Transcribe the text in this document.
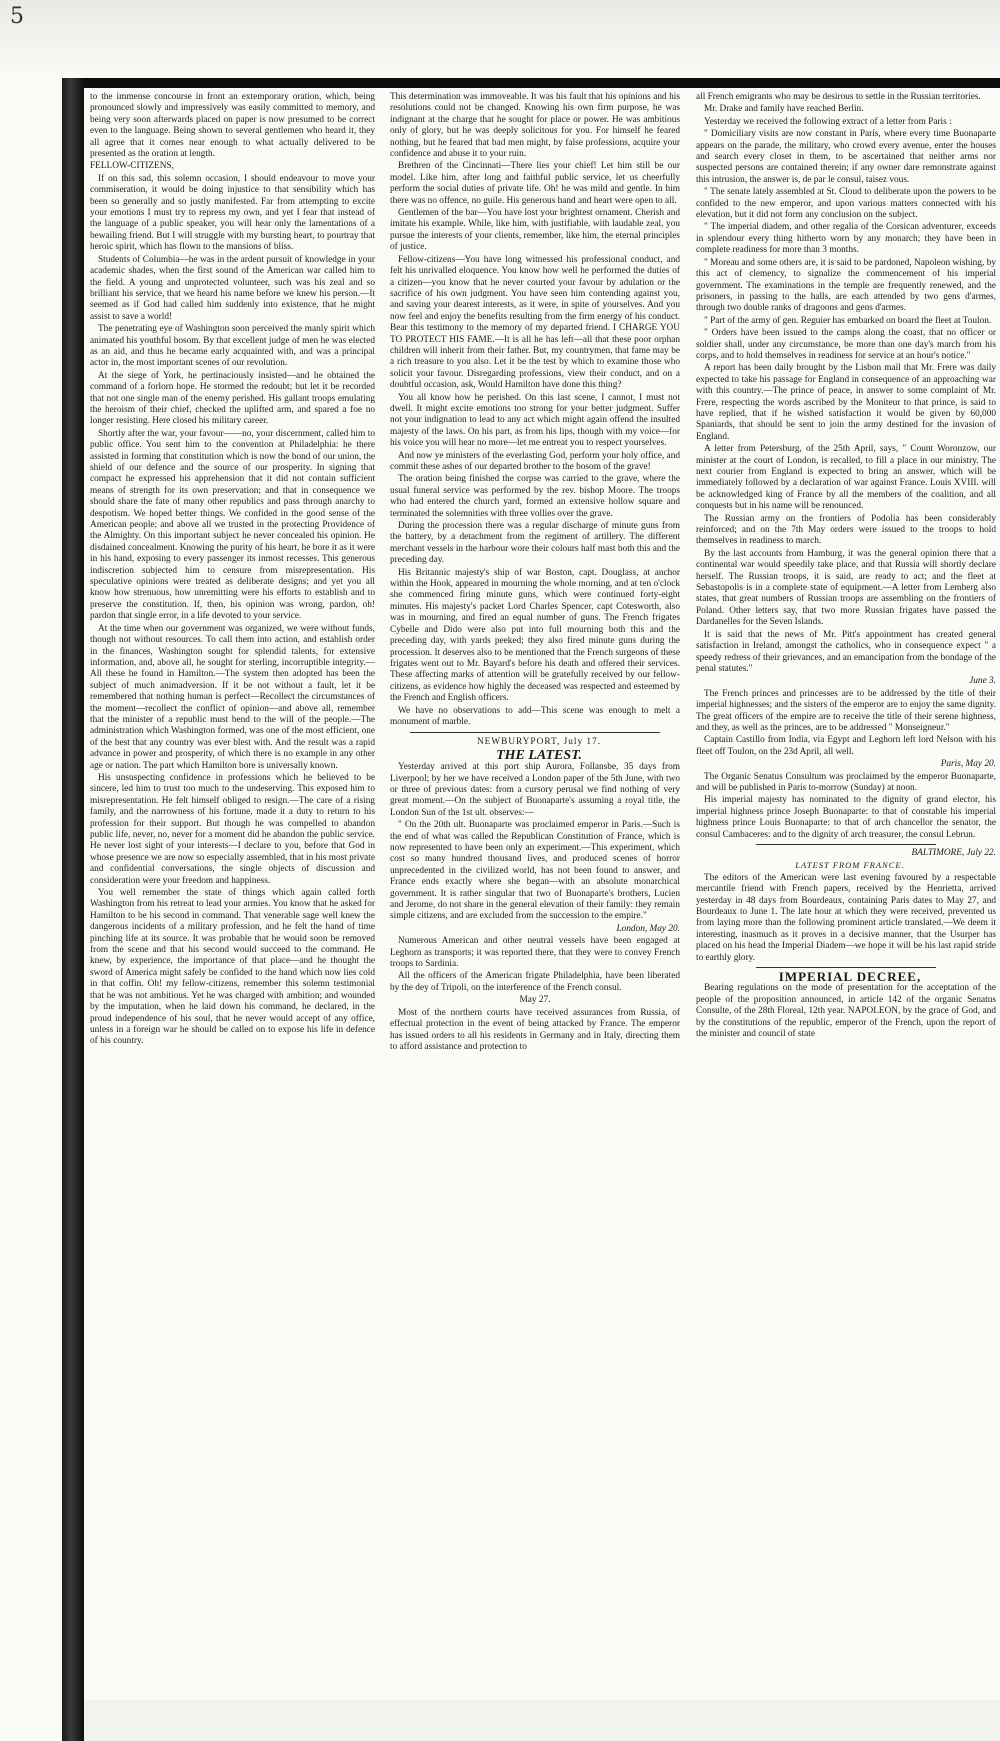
5

to the immense concourse in front an extemporary oration, which, being pronounced slowly and impressively was easily committed to memory, and being very soon afterwards placed on paper is now presumed to be correct even to the language. Being shown to several gentlemen who heard it, they all agree that it comes near enough to what actually delivered to be presented as the oration at length.

FELLOW-CITIZENS,

If on this sad, this solemn occasion, I should endeavour to move your commiseration, it would be doing injustice to that sensibility which has been so generally and so justly manifested. Far from attempting to excite your emotions I must try to repress my own, and yet I fear that instead of the language of a public speaker, you will hear only the lamentations of a bewailing friend. But I will struggle with my bursting heart, to pourtray that heroic spirit, which has flown to the mansions of bliss.

Students of Columbia—he was in the ardent pursuit of knowledge in your academic shades, when the first sound of the American war called him to the field. A young and unprotected volunteer, such was his zeal and so brilliant his service, that we heard his name before we knew his person.—It seemed as if God had called him suddenly into existence, that he might assist to save a world!

The penetrating eye of Washington soon perceived the manly spirit which animated his youthful bosom. By that excellent judge of men he was elected as an aid, and thus he became early acquainted with, and was a principal actor in, the most important scenes of our revolution.

At the siege of York, he pertinaciously insisted—and he obtained the command of a forlorn hope. He stormed the redoubt; but let it be recorded that not one single man of the enemy perished. His gallant troops emulating the heroism of their chief, checked the uplifted arm, and spared a foe no longer resisting. Here closed his military career.

Shortly after the war, your favour——no, your discernment, called him to public office. You sent him to the convention at Philadelphia: he there assisted in forming that constitution which is now the bond of our union, the shield of our defence and the source of our prosperity. In signing that compact he expressed his apprehension that it did not contain sufficient means of strength for its own preservation; and that in consequence we should share the fate of many other republics and pass through anarchy to despotism. We hoped better things. We confided in the good sense of the American people; and above all we trusted in the protecting Providence of the Almighty. On this important subject he never concealed his opinion. He disdained concealment. Knowing the purity of his heart, he bore it as it were in his hand, exposing to every passenger its inmost recesses. This generous indiscretion subjected him to censure from misrepresentation. His speculative opinions were treated as deliberate designs; and yet you all know how strenuous, how unremitting were his efforts to establish and to preserve the constitution. If, then, his opinion was wrong, pardon, oh! pardon that single error, in a life devoted to your service.

At the time when our government was organized, we were without funds, though not without resources. To call them into action, and establish order in the finances, Washington sought for splendid talents, for extensive information, and, above all, he sought for sterling, incorruptible integrity.—All these he found in Hamilton.—The system then adopted has been the subject of much animadversion. If it be not without a fault, let it be remembered that nothing human is perfect—Recollect the circumstances of the moment—recollect the conflict of opinion—and above all, remember that the minister of a republic must bend to the will of the people.—The administration which Washington formed, was one of the most efficient, one of the best that any country was ever blest with. And the result was a rapid advance in power and prosperity, of which there is no example in any other age or nation. The part which Hamilton bore is universally known.

His unsuspecting confidence in professions which he believed to be sincere, led him to trust too much to the undeserving. This exposed him to misrepresentation. He felt himself obliged to resign.—The care of a rising family, and the narrowness of his fortune, made it a duty to return to his profession for their support. But though he was compelled to abandon public life, never, no, never for a moment did he abandon the public service. He never lost sight of your interests—I declare to you, before that God in whose presence we are now so especially assembled, that in his most private and confidential conversations, the single objects of discussion and consideration were your freedom and happiness.

You well remember the state of things which again called forth Washington from his retreat to lead your armies. You know that he asked for Hamilton to be his second in command. That venerable sage well knew the dangerous incidents of a military profession, and he felt the hand of time pinching life at its source. It was probable that he would soon be removed from the scene and that his second would succeed to the command. He knew, by experience, the importance of that place—and he thought the sword of America might safely be confided to the hand which now lies cold in that coffin. Oh! my fellow-citizens, remember this solemn testimonial that he was not ambitious. Yet he was charged with ambition; and wounded by the imputation, when he laid down his command, he declared, in the proud independence of his soul, that he never would accept of any office, unless in a foreign war he should be called on to expose his life in defence of his country.

This determination was immoveable. It was his fault that his opinions and his resolutions could not be changed. Knowing his own firm purpose, he was indignant at the charge that he sought for place or power. He was ambitious only of glory, but he was deeply solicitous for you. For himself he feared nothing, but he feared that bad men might, by false professions, acquire your confidence and abuse it to your ruin.

Brethren of the Cincinnati—There lies your chief! Let him still be our model. Like him, after long and faithful public service, let us cheerfully perform the social duties of private life. Oh! he was mild and gentle. In him there was no offence, no guile. His generous hand and heart were open to all.

Gentlemen of the bar—You have lost your brightest ornament. Cherish and imitate his example. While, like him, with justifiable, with laudable zeal, you pursue the interests of your clients, remember, like him, the eternal principles of justice.

Fellow-citizens—You have long witnessed his professional conduct, and felt his unrivalled eloquence. You know how well he performed the duties of a citizen—you know that he never courted your favour by adulation or the sacrifice of his own judgment. You have seen him contending against you, and saving your dearest interests, as it were, in spite of yourselves. And you now feel and enjoy the benefits resulting from the firm energy of his conduct. Bear this testimony to the memory of my departed friend. I CHARGE YOU TO PROTECT HIS FAME.—It is all he has left—all that these poor orphan children will inherit from their father. But, my countrymen, that fame may be a rich treasure to you also. Let it be the test by which to examine those who solicit your favour. Disregarding professions, view their conduct, and on a doubtful occasion, ask, Would Hamilton have done this thing?

You all know how he perished. On this last scene, I cannot, I must not dwell. It might excite emotions too strong for your better judgment. Suffer not your indignation to lead to any act which might again offend the insulted majesty of the laws. On his part, as from his lips, though with my voice—for his voice you will hear no more—let me entreat you to respect yourselves.

And now ye ministers of the everlasting God, perform your holy office, and commit these ashes of our departed brother to the bosom of the grave!

The oration being finished the corpse was carried to the grave, where the usual funeral service was performed by the rev. bishop Moore. The troops who had entered the church yard, formed an extensive hollow square and terminated the solemnities with three vollies over the grave.

During the procession there was a regular discharge of minute guns from the battery, by a detachment from the regiment of artillery. The different merchant vessels in the harbour wore their colours half mast both this and the preceding day.

His Britannic majesty's ship of war Boston, capt. Douglass, at anchor within the Hook, appeared in mourning the whole morning, and at ten o'clock she commenced firing minute guns, which were continued forty-eight minutes. His majesty's packet Lord Charles Spencer, capt Cotesworth, also was in mourning, and fired an equal number of guns. The French frigates Cybelle and Dido were also put into full mourning both this and the preceding day, with yards peeked; they also fired minute guns during the procession. It deserves also to be mentioned that the French surgeons of these frigates went out to Mr. Bayard's before his death and offered their services. These affecting marks of attention will be gratefully received by our fellow-citizens, as evidence how highly the deceased was respected and esteemed by the French and English officers.

We have no observations to add—This scene was enough to melt a monument of marble.

NEWBURYPORT, July 17.

THE LATEST.

Yesterday arrived at this port ship Aurora, Follansbe, 35 days from Liverpool; by her we have received a London paper of the 5th June, with two or three of previous dates: from a cursory perusal we find nothing of very great moment.—On the subject of Buonaparte's assuming a royal title, the London Sun of the 1st ult. observes:—

" On the 20th ult. Buonaparte was proclaimed emperor in Paris.—Such is the end of what was called the Republican Constitution of France, which is now represented to have been only an experiment.—This experiment, which cost so many hundred thousand lives, and produced scenes of horror unprecedented in the civilized world, has not been found to answer, and France ends exactly where she began—with an absolute monarchical government. It is rather singular that two of Buonaparte's brothers, Lucien and Jerome, do not share in the general elevation of their family: they remain simple citizens, and are excluded from the succession to the empire."

London, May 20.

Numerous American and other neutral vessels have been engaged at Leghorn as transports; it was reported there, that they were to convey French troops to Sardinia.

All the officers of the American frigate Philadelphia, have been liberated by the dey of Tripoli, on the interference of the French consul.

May 27.

Most of the northern courts have received assurances from Russia, of effectual protection in the event of being attacked by France. The emperor has issued orders to all his residents in Germany and in Italy, directing them to afford assistance and protection to

all French emigrants who may be desirous to settle in the Russian territories.

Mr. Drake and family have reached Berlin.

Yesterday we received the following extract of a letter from Paris :

" Domiciliary visits are now constant in Paris, where every time Buonaparte appears on the parade, the military, who crowd every avenue, enter the houses and search every closet in them, to be ascertained that neither arms nor suspected persons are contained therein; if any owner dare remonstrate against this intrusion, the answer is, de par le consul, taisez vous.

" The senate lately assembled at St. Cloud to deliberate upon the powers to be confided to the new emperor, and upon various matters connected with his elevation, but it did not form any conclusion on the subject.

" The imperial diadem, and other regalia of the Corsican adventurer, exceeds in splendour every thing hitherto worn by any monarch; they have been in complete readiness for more than 3 months.

" Moreau and some others are, it is said to be pardoned, Napoleon wishing, by this act of clemency, to signalize the commencement of his imperial government. The examinations in the temple are frequently renewed, and the prisoners, in passing to the halls, are each attended by two gens d'armes, through two double ranks of dragoons and gens d'armes.

" Part of the army of gen. Reguier has embarked on board the fleet at Toulon.

" Orders have been issued to the camps along the coast, that no officer or soldier shall, under any circumstance, be more than one day's march from his corps, and to hold themselves in readiness for service at an hour's notice."

A report has been daily brought by the Lisbon mail that Mr. Frere was daily expected to take his passage for England in consequence of an approaching war with this country.—The prince of peace, in answer to some complaint of Mr. Frere, respecting the words ascribed by the Moniteur to that prince, is said to have replied, that if he wished satisfaction it would be given by 60,000 Spaniards, that should be sent to join the army destined for the invasion of England.

A letter from Petersburg, of the 25th April, says, " Count Woronzow, our minister at the court of London, is recalled, to fill a place in our ministry. The next courier from England is expected to bring an answer, which will be immediately followed by a declaration of war against France. Louis XVIII. will be acknowledged king of France by all the members of the coalition, and all conquests but in his name will be renounced.

The Russian army on the frontiers of Podolia has been considerably reinforced; and on the 7th May orders were issued to the troops to hold themselves in readiness to march.

By the last accounts from Hamburg, it was the general opinion there that a continental war would speedily take place, and that Russia will shortly declare herself. The Russian troops, it is said, are ready to act; and the fleet at Sebastopolis is in a complete state of equipment.—A letter from Lemberg also states, that great numbers of Russian troops are assembling on the frontiers of Poland. Other letters say, that two more Russian frigates have passed the Dardanelles for the Seven Islands.

It is said that the news of Mr. Pitt's appointment has created general satisfaction in Ireland, amongst the catholics, who in consequence expect " a speedy redress of their grievances, and an emancipation from the bondage of the penal statutes."

June 3.

The French princes and princesses are to be addressed by the title of their imperial highnesses; and the sisters of the emperor are to enjoy the same dignity. The great officers of the empire are to receive the title of their serene highness, and they, as well as the princes, are to be addressed " Monseigneur."

Captain Castillo from India, via Egypt and Leghorn left lord Nelson with his fleet off Toulon, on the 23d April, all well.

Paris, May 20.

The Organic Senatus Consultum was proclaimed by the emperor Buonaparte, and will be published in Paris to-morrow (Sunday) at noon.

His imperial majesty has nominated to the dignity of grand elector, his imperial highness prince Joseph Buonaparte: to that of constable his imperial highness prince Louis Buonaparte: to that of arch chancellor the senator, the consul Cambaceres: and to the dignity of arch treasurer, the consul Lebrun.

BALTIMORE, July 22.

LATEST FROM FRANCE.

The editors of the American were last evening favoured by a respectable mercantile friend with French papers, received by the Henrietta, arrived yesterday in 48 days from Bourdeaux, containing Paris dates to May 27, and Bourdeaux to June 1. The late hour at which they were received, prevented us from laying more than the following prominent article translated.—We deem it interesting, inasmuch as it proves in a decisive manner, that the Usurper has placed on his head the Imperial Diadem—we hope it will be his last rapid stride to earthly glory.

IMPERIAL DECREE,

Bearing regulations on the mode of presentation for the acceptation of the people of the proposition announced, in article 142 of the organic Senatus Consulte, of the 28th Floreal, 12th year. NAPOLEON, by the grace of God, and by the constitutions of the republic, emperor of the French, upon the report of the minister and council of state
